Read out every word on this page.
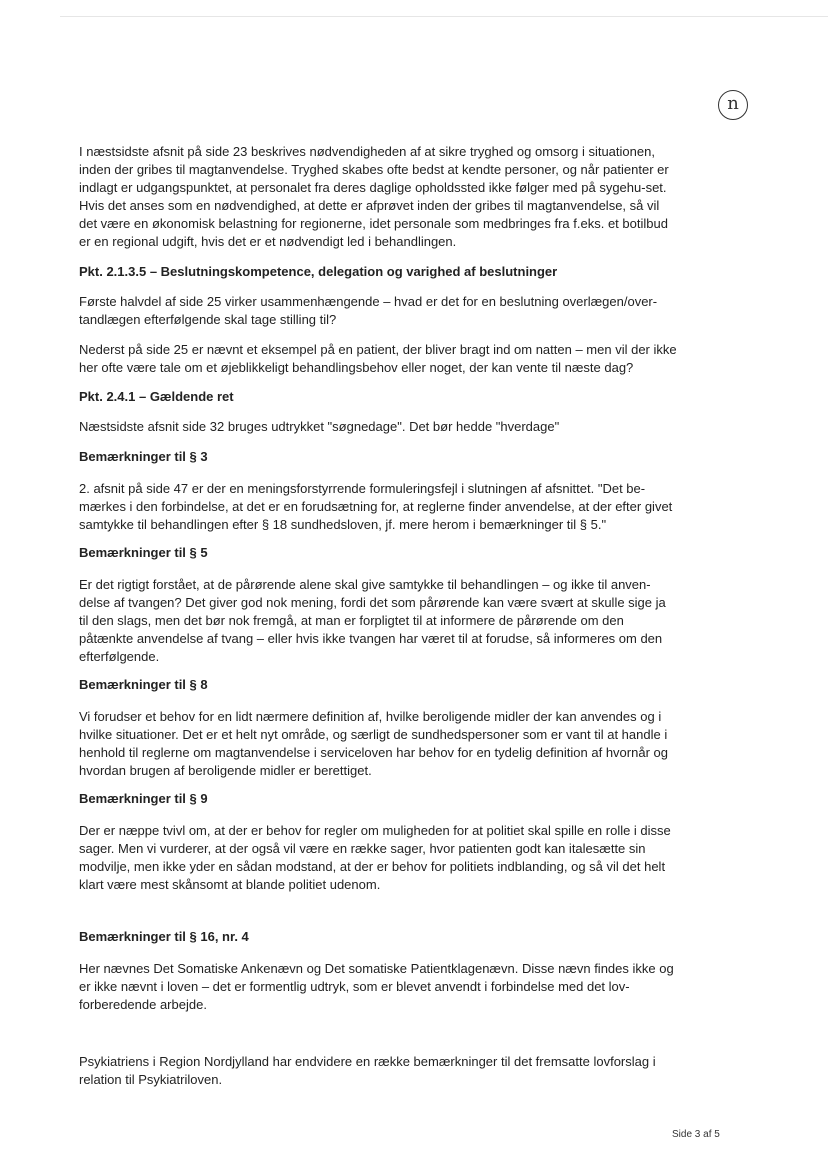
n

I næstsidste afsnit på side 23 beskrives nødvendigheden af at sikre tryghed og omsorg i situationen, inden der gribes til magtanvendelse. Tryghed skabes ofte bedst at kendte personer, og når patienter er indlagt er udgangspunktet, at personalet fra deres daglige opholdssted ikke følger med på sygehu-set. Hvis det anses som en nødvendighed, at dette er afprøvet inden der gribes til magtanvendelse, så vil det være en økonomisk belastning for regionerne, idet personale som medbringes fra f.eks. et botilbud er en regional udgift, hvis det er et nødvendigt led i behandlingen.

Pkt. 2.1.3.5 – Beslutningskompetence, delegation og varighed af beslutninger

Første halvdel af side 25 virker usammenhængende – hvad er det for en beslutning overlægen/over-tandlægen efterfølgende skal tage stilling til?

Nederst på side 25 er nævnt et eksempel på en patient, der bliver bragt ind om natten – men vil der ikke her ofte være tale om et øjeblikkeligt behandlingsbehov eller noget, der kan vente til næste dag?

Pkt. 2.4.1 – Gældende ret

Næstsidste afsnit side 32 bruges udtrykket "søgnedage". Det bør hedde "hverdage"

Bemærkninger til § 3

2. afsnit på side 47 er der en meningsforstyrrende formuleringsfejl i slutningen af afsnittet. "Det be-mærkes i den forbindelse, at det er en forudsætning for, at reglerne finder anvendelse, at der efter givet samtykke til behandlingen efter § 18 sundhedsloven, jf. mere herom i bemærkninger til § 5."

Bemærkninger til § 5

Er det rigtigt forstået, at de pårørende alene skal give samtykke til behandlingen – og ikke til anven-delse af tvangen? Det giver god nok mening, fordi det som pårørende kan være svært at skulle sige ja til den slags, men det bør nok fremgå, at man er forpligtet til at informere de pårørende om den påtænkte anvendelse af tvang – eller hvis ikke tvangen har været til at forudse, så informeres om den efterfølgende.

Bemærkninger til § 8

Vi forudser et behov for en lidt nærmere definition af, hvilke beroligende midler der kan anvendes og i hvilke situationer. Det er et helt nyt område, og særligt de sundhedspersoner som er vant til at handle i henhold til reglerne om magtanvendelse i serviceloven har behov for en tydelig definition af hvornår og hvordan brugen af beroligende midler er berettiget.

Bemærkninger til § 9

Der er næppe tvivl om, at der er behov for regler om muligheden for at politiet skal spille en rolle i disse sager. Men vi vurderer, at der også vil være en række sager, hvor patienten godt kan italesætte sin modvilje, men ikke yder en sådan modstand, at der er behov for politiets indblanding, og så vil det helt klart være mest skånsomt at blande politiet udenom.

Bemærkninger til § 16, nr. 4

Her nævnes Det Somatiske Ankenævn og Det somatiske Patientklagenævn. Disse nævn findes ikke og er ikke nævnt i loven – det er formentlig udtryk, som er blevet anvendt i forbindelse med det lov-forberedende arbejde.

Psykiatriens i Region Nordjylland har endvidere en række bemærkninger til det fremsatte lovforslag i relation til Psykiatriloven.

Side 3 af 5
